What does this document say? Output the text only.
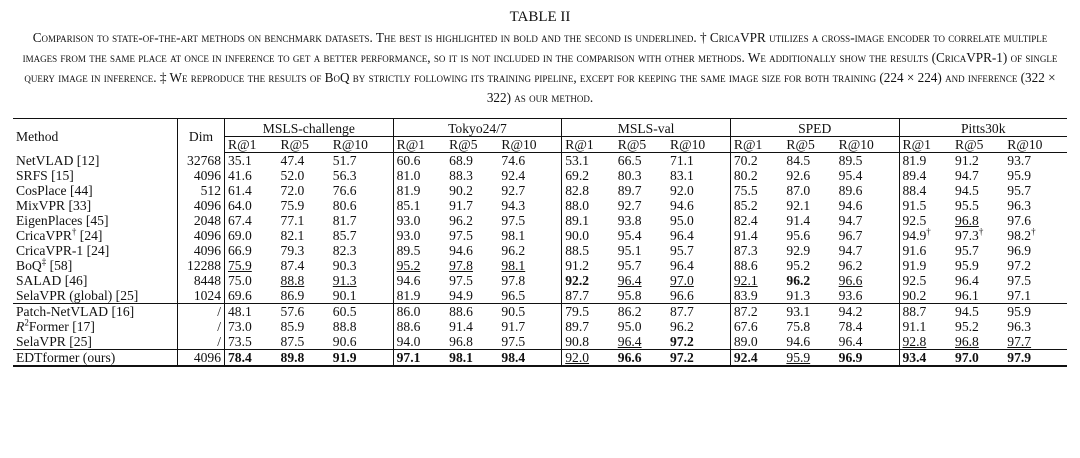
TABLE II
Comparison to state-of-the-art methods on benchmark datasets. The best is highlighted in bold and the second is underlined. † CricaVPR utilizes a cross-image encoder to correlate multiple images from the same place at once in inference to get a better performance, so it is not included in the comparison with other methods. We additionally show the results (CricaVPR-1) of single query image in inference. ‡ We reproduce the results of BoQ by strictly following its training pipeline, except for keeping the same image size for both training (224 × 224) and inference (322 × 322) as our method.
Method	Dim	MSLS-challenge			Tokyo24/7			MSLS-val			SPED			Pitts30k		
		R@1	R@5	R@10	R@1	R@5	R@10	R@1	R@5	R@10	R@1	R@5	R@10	R@1	R@5	R@10
NetVLAD [12]	32768	35.1	47.4	51.7	60.6	68.9	74.6	53.1	66.5	71.1	70.2	84.5	89.5	81.9	91.2	93.7
SRFS [15]	4096	41.6	52.0	56.3	81.0	88.3	92.4	69.2	80.3	83.1	80.2	92.6	95.4	89.4	94.7	95.9
CosPlace [44]	512	61.4	72.0	76.6	81.9	90.2	92.7	82.8	89.7	92.0	75.5	87.0	89.6	88.4	94.5	95.7
MixVPR [33]	4096	64.0	75.9	80.6	85.1	91.7	94.3	88.0	92.7	94.6	85.2	92.1	94.6	91.5	95.5	96.3
EigenPlaces [45]	2048	67.4	77.1	81.7	93.0	96.2	97.5	89.1	93.8	95.0	82.4	91.4	94.7	92.5	96.8	97.6
CricaVPR† [24]	4096	69.0	82.1	85.7	93.0	97.5	98.1	90.0	95.4	96.4	91.4	95.6	96.7	94.9†	97.3†	98.2†
CricaVPR-1 [24]	4096	66.9	79.3	82.3	89.5	94.6	96.2	88.5	95.1	95.7	87.3	92.9	94.7	91.6	95.7	96.9
BoQ‡ [58]	12288	75.9	87.4	90.3	95.2	97.8	98.1	91.2	95.7	96.4	88.6	95.2	96.2	91.9	95.9	97.2
SALAD [46]	8448	75.0	88.8	91.3	94.6	97.5	97.8	92.2	96.4	97.0	92.1	96.2	96.6	92.5	96.4	97.5
SelaVPR (global) [25]	1024	69.6	86.9	90.1	81.9	94.9	96.5	87.7	95.8	96.6	83.9	91.3	93.6	90.2	96.1	97.1
Patch-NetVLAD [16]	/	48.1	57.6	60.5	86.0	88.6	90.5	79.5	86.2	87.7	87.2	93.1	94.2	88.7	94.5	95.9
$R^2Former$ [17]	/	73.0	85.9	88.8	88.6	91.4	91.7	89.7	95.0	96.2	67.6	75.8	78.4	91.1	95.2	96.3
SelaVPR [25]	/	73.5	87.5	90.6	94.0	96.8	97.5	90.8	96.4	97.2	89.0	94.6	96.4	92.8	96.8	97.7
EDTformer (ours)	4096	78.4	89.8	91.9	97.1	98.1	98.4	92.0	96.6	97.2	92.4	95.9	96.9	93.4	97.0	97.9
